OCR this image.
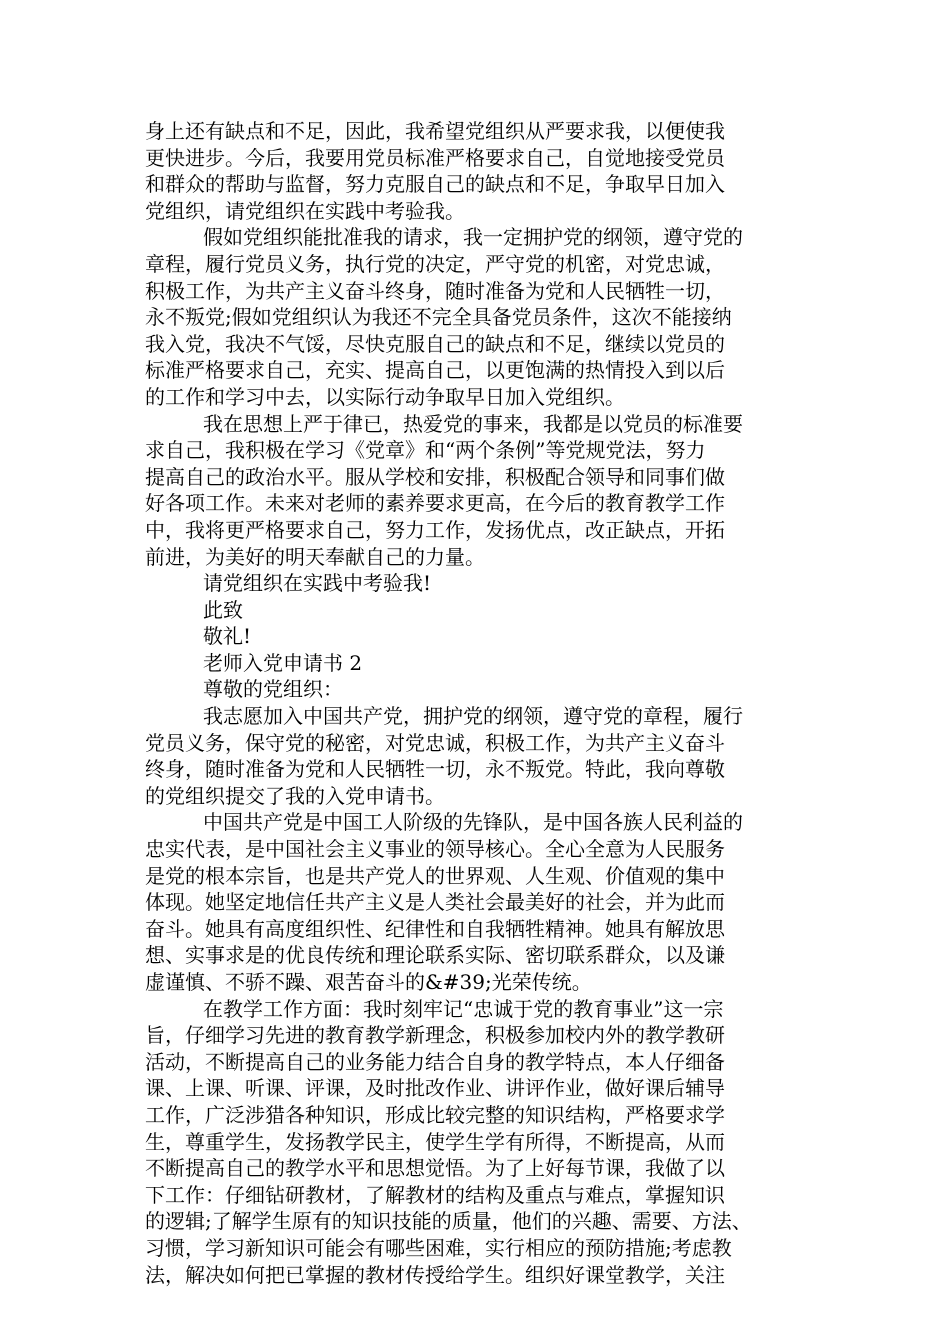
身上还有缺点和不足，因此，我希望党组织从严要求我，以便使我
更快进步。今后，我要用党员标准严格要求自己，自觉地接受党员
和群众的帮助与监督，努力克服自己的缺点和不足，争取早日加入
党组织，请党组织在实践中考验我。
假如党组织能批准我的请求，我一定拥护党的纲领，遵守党的
章程，履行党员义务，执行党的决定，严守党的机密，对党忠诚，
积极工作，为共产主义奋斗终身，随时准备为党和人民牺牲一切，
永不叛党;假如党组织认为我还不完全具备党员条件，这次不能接纳
我入党，我决不气馁，尽快克服自己的缺点和不足，继续以党员的
标准严格要求自己，充实、提高自己，以更饱满的热情投入到以后
的工作和学习中去，以实际行动争取早日加入党组织。
我在思想上严于律已，热爱党的事来，我都是以党员的标准要
求自己，我积极在学习《党章》和“两个条例”等党规党法，努力
提高自己的政治水平。服从学校和安排，积极配合领导和同事们做
好各项工作。未来对老师的素养要求更高，在今后的教育教学工作
中，我将更严格要求自己，努力工作，发扬优点，改正缺点，开拓
前进，为美好的明天奉献自己的力量。
请党组织在实践中考验我!
此致
敬礼!
老师入党申请书 2
尊敬的党组织：
我志愿加入中国共产党，拥护党的纲领，遵守党的章程，履行
党员义务，保守党的秘密，对党忠诚，积极工作，为共产主义奋斗
终身，随时准备为党和人民牺牲一切，永不叛党。特此，我向尊敬
的党组织提交了我的入党申请书。
中国共产党是中国工人阶级的先锋队，是中国各族人民利益的
忠实代表，是中国社会主义事业的领导核心。全心全意为人民服务
是党的根本宗旨，也是共产党人的世界观、人生观、价值观的集中
体现。她坚定地信任共产主义是人类社会最美好的社会，并为此而
奋斗。她具有高度组织性、纪律性和自我牺牲精神。她具有解放思
想、实事求是的优良传统和理论联系实际、密切联系群众，以及谦
虚谨慎、不骄不躁、艰苦奋斗的&#39;光荣传统。
在教学工作方面：我时刻牢记“忠诚于党的教育事业”这一宗
旨，仔细学习先进的教育教学新理念，积极参加校内外的教学教研
活动，不断提高自己的业务能力结合自身的教学特点，本人仔细备
课、上课、听课、评课，及时批改作业、讲评作业，做好课后辅导
工作，广泛涉猎各种知识，形成比较完整的知识结构，严格要求学
生，尊重学生，发扬教学民主，使学生学有所得，不断提高，从而
不断提高自己的教学水平和思想觉悟。为了上好每节课，我做了以
下工作：仔细钻研教材，了解教材的结构及重点与难点，掌握知识
的逻辑;了解学生原有的知识技能的质量，他们的兴趣、需要、方法、
习惯，学习新知识可能会有哪些困难，实行相应的预防措施;考虑教
法，解决如何把已掌握的教材传授给学生。组织好课堂教学，关注
